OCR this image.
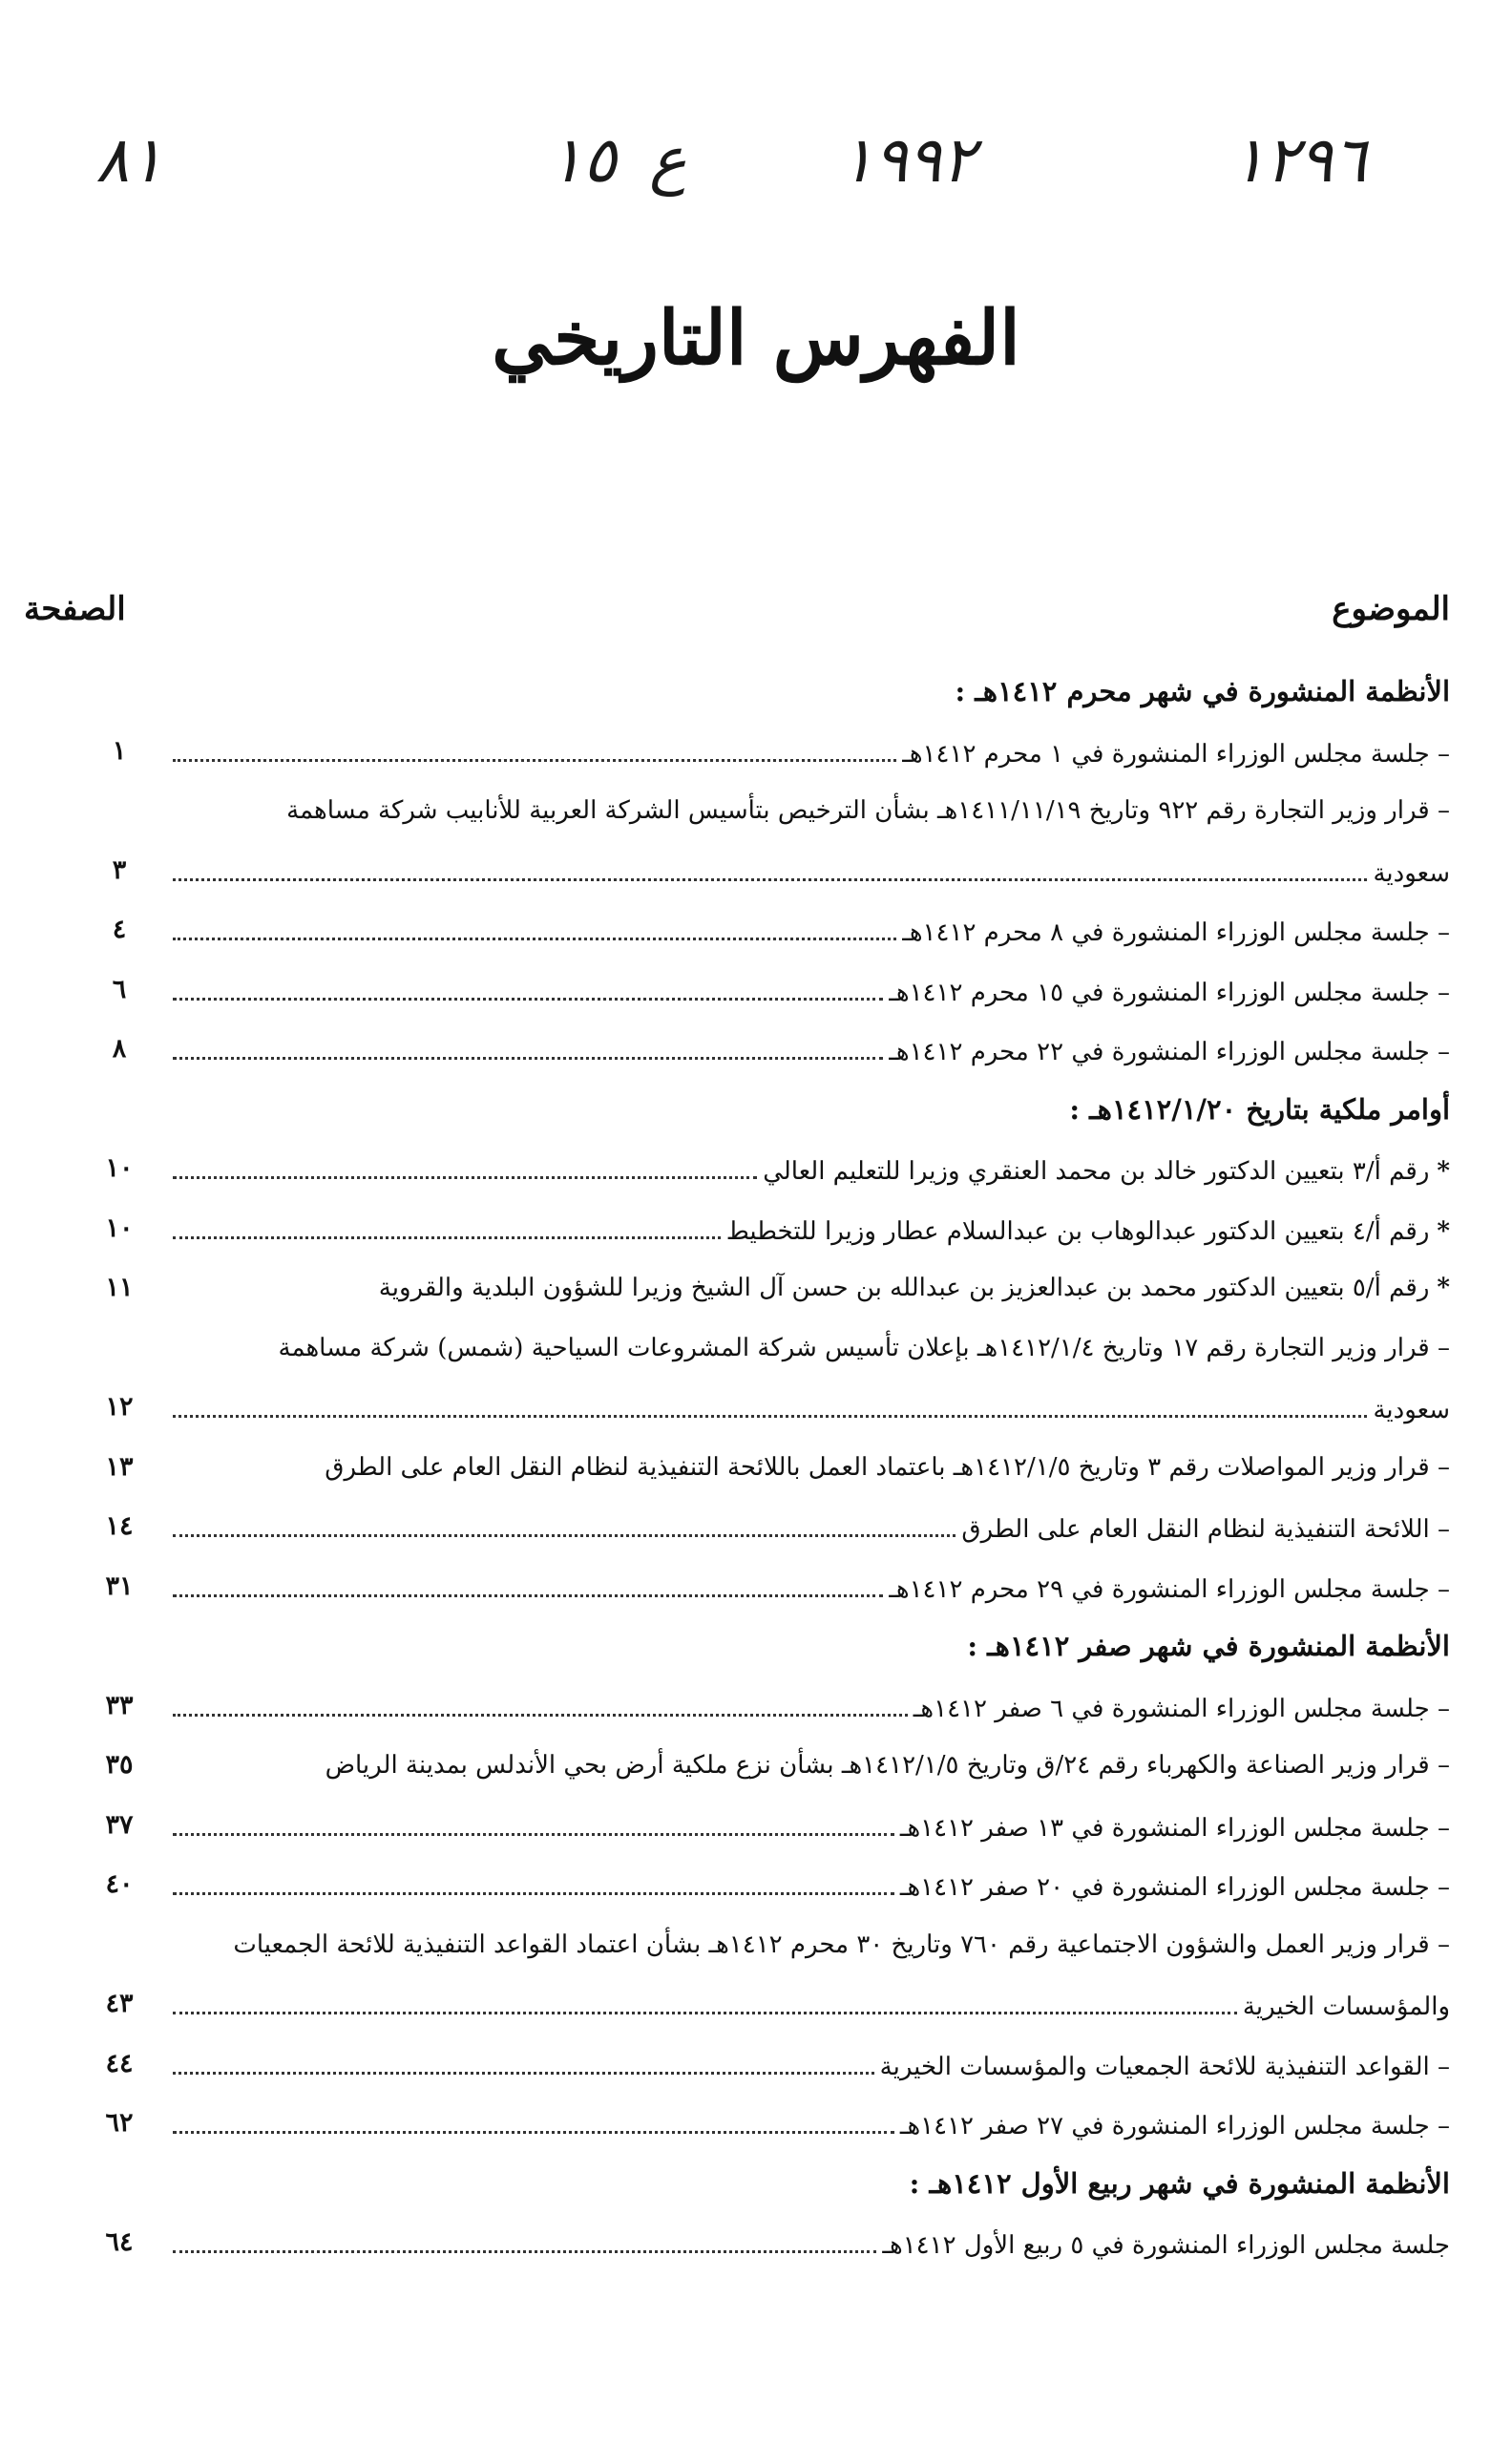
٨١	١٥ ع ١٩٩٢	١٢٩٦
الفهرس التاريخي
الموضوع
الصفحة
الأنظمة المنشورة في شهر محرم ١٤١٢هـ :
– جلسة مجلس الوزراء المنشورة في ١ محرم ١٤١٢هـ
١
– قرار وزير التجارة رقم ٩٢٢ وتاريخ ١٤١١/١١/١٩هـ بشأن الترخيص بتأسيس الشركة العربية للأنابيب شركة مساهمة
سعودية
٣
– جلسة مجلس الوزراء المنشورة في ٨ محرم ١٤١٢هـ
٤
– جلسة مجلس الوزراء المنشورة في ١٥ محرم ١٤١٢هـ
٦
– جلسة مجلس الوزراء المنشورة في ٢٢ محرم ١٤١٢هـ
٨
أوامر ملكية بتاريخ ١٤١٢/١/٢٠هـ :
*
رقم أ/٣ بتعيين الدكتور خالد بن محمد العنقري وزيرا للتعليم العالي
١٠
*
رقم أ/٤ بتعيين الدكتور عبدالوهاب بن عبدالسلام عطار وزيرا للتخطيط
١٠
*
رقم أ/٥ بتعيين الدكتور محمد بن عبدالعزيز بن عبدالله بن حسن آل الشيخ وزيرا للشؤون البلدية والقروية
١١
– قرار وزير التجارة رقم ١٧ وتاريخ ١٤١٢/١/٤هـ بإعلان تأسيس شركة المشروعات السياحية (شمس) شركة مساهمة
سعودية
١٢
– قرار وزير المواصلات رقم ٣ وتاريخ ١٤١٢/١/٥هـ باعتماد العمل باللائحة التنفيذية لنظام النقل العام على الطرق
١٣
– اللائحة التنفيذية لنظام النقل العام على الطرق
١٤
– جلسة مجلس الوزراء المنشورة في ٢٩ محرم ١٤١٢هـ
٣١
الأنظمة المنشورة في شهر صفر ١٤١٢هـ :
– جلسة مجلس الوزراء المنشورة في ٦ صفر ١٤١٢هـ
٣٣
– قرار وزير الصناعة والكهرباء رقم ٢٤/ق وتاريخ ١٤١٢/١/٥هـ بشأن نزع ملكية أرض بحي الأندلس بمدينة الرياض
٣٥
– جلسة مجلس الوزراء المنشورة في ١٣ صفر ١٤١٢هـ
٣٧
– جلسة مجلس الوزراء المنشورة في ٢٠ صفر ١٤١٢هـ
٤٠
– قرار وزير العمل والشؤون الاجتماعية رقم ٧٦٠ وتاريخ ٣٠ محرم ١٤١٢هـ بشأن اعتماد القواعد التنفيذية للائحة الجمعيات
والمؤسسات الخيرية
٤٣
– القواعد التنفيذية للائحة الجمعيات والمؤسسات الخيرية
٤٤
– جلسة مجلس الوزراء المنشورة في ٢٧ صفر ١٤١٢هـ
٦٢
الأنظمة المنشورة في شهر ربيع الأول ١٤١٢هـ :
جلسة مجلس الوزراء المنشورة في ٥ ربيع الأول ١٤١٢هـ
٦٤
